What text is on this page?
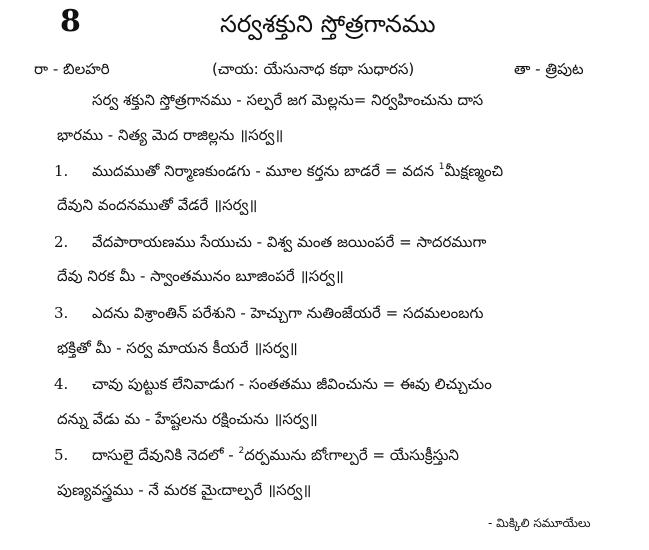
8	సర్వశక్తుని స్తోత్రగానము
రా - బిలహరి	(చాయ: యేసునాధ కథా సుధారస)	తా - త్రిపుట
సర్వ శక్తుని స్తోత్రగానము - సల్పరే జగ మెల్లను= నిర్వహించును దాస
భారము - నిత్య మెద రాజిల్లను ॥సర్వ॥
1. ముదముతో నిర్మాణకుండగు - మూల కర్తను బాడరే = వదన $^1$మీక్షణ్మంచి
దేవుని వందనముతో వేడరే ॥సర్వ॥
2. వేదపారాయణము సేయుచు - విశ్వ మంత జయింపరే = సాదరముగా
దేవు నిరక మీ - స్వాంతమునం బూజింపరే ॥సర్వ॥
3. ఎదను విశ్రాంతిన్ పరేశుని - హెచ్చుగా నుతింజేయరే = సదమలంబగు
భక్తితో మీ - సర్వ మాయన కీయరే ॥సర్వ॥
4. చావు పుట్టుక లేనివాడుగ - సంతతము జీవించును = ఈవు లిచ్చుచుం
దన్ను వేడు మ - హేష్టలను రక్షించును ॥సర్వ॥
5. దాసులై దేవునికి నెదలో - $^2$దర్పమును బోఁగాల్పరే = యేసుక్రీస్తుని
పుణ్యవస్త్రము - నే మరక మైఁదాల్పరే ॥సర్వ॥
- మిక్కిలి సమూయేలు
